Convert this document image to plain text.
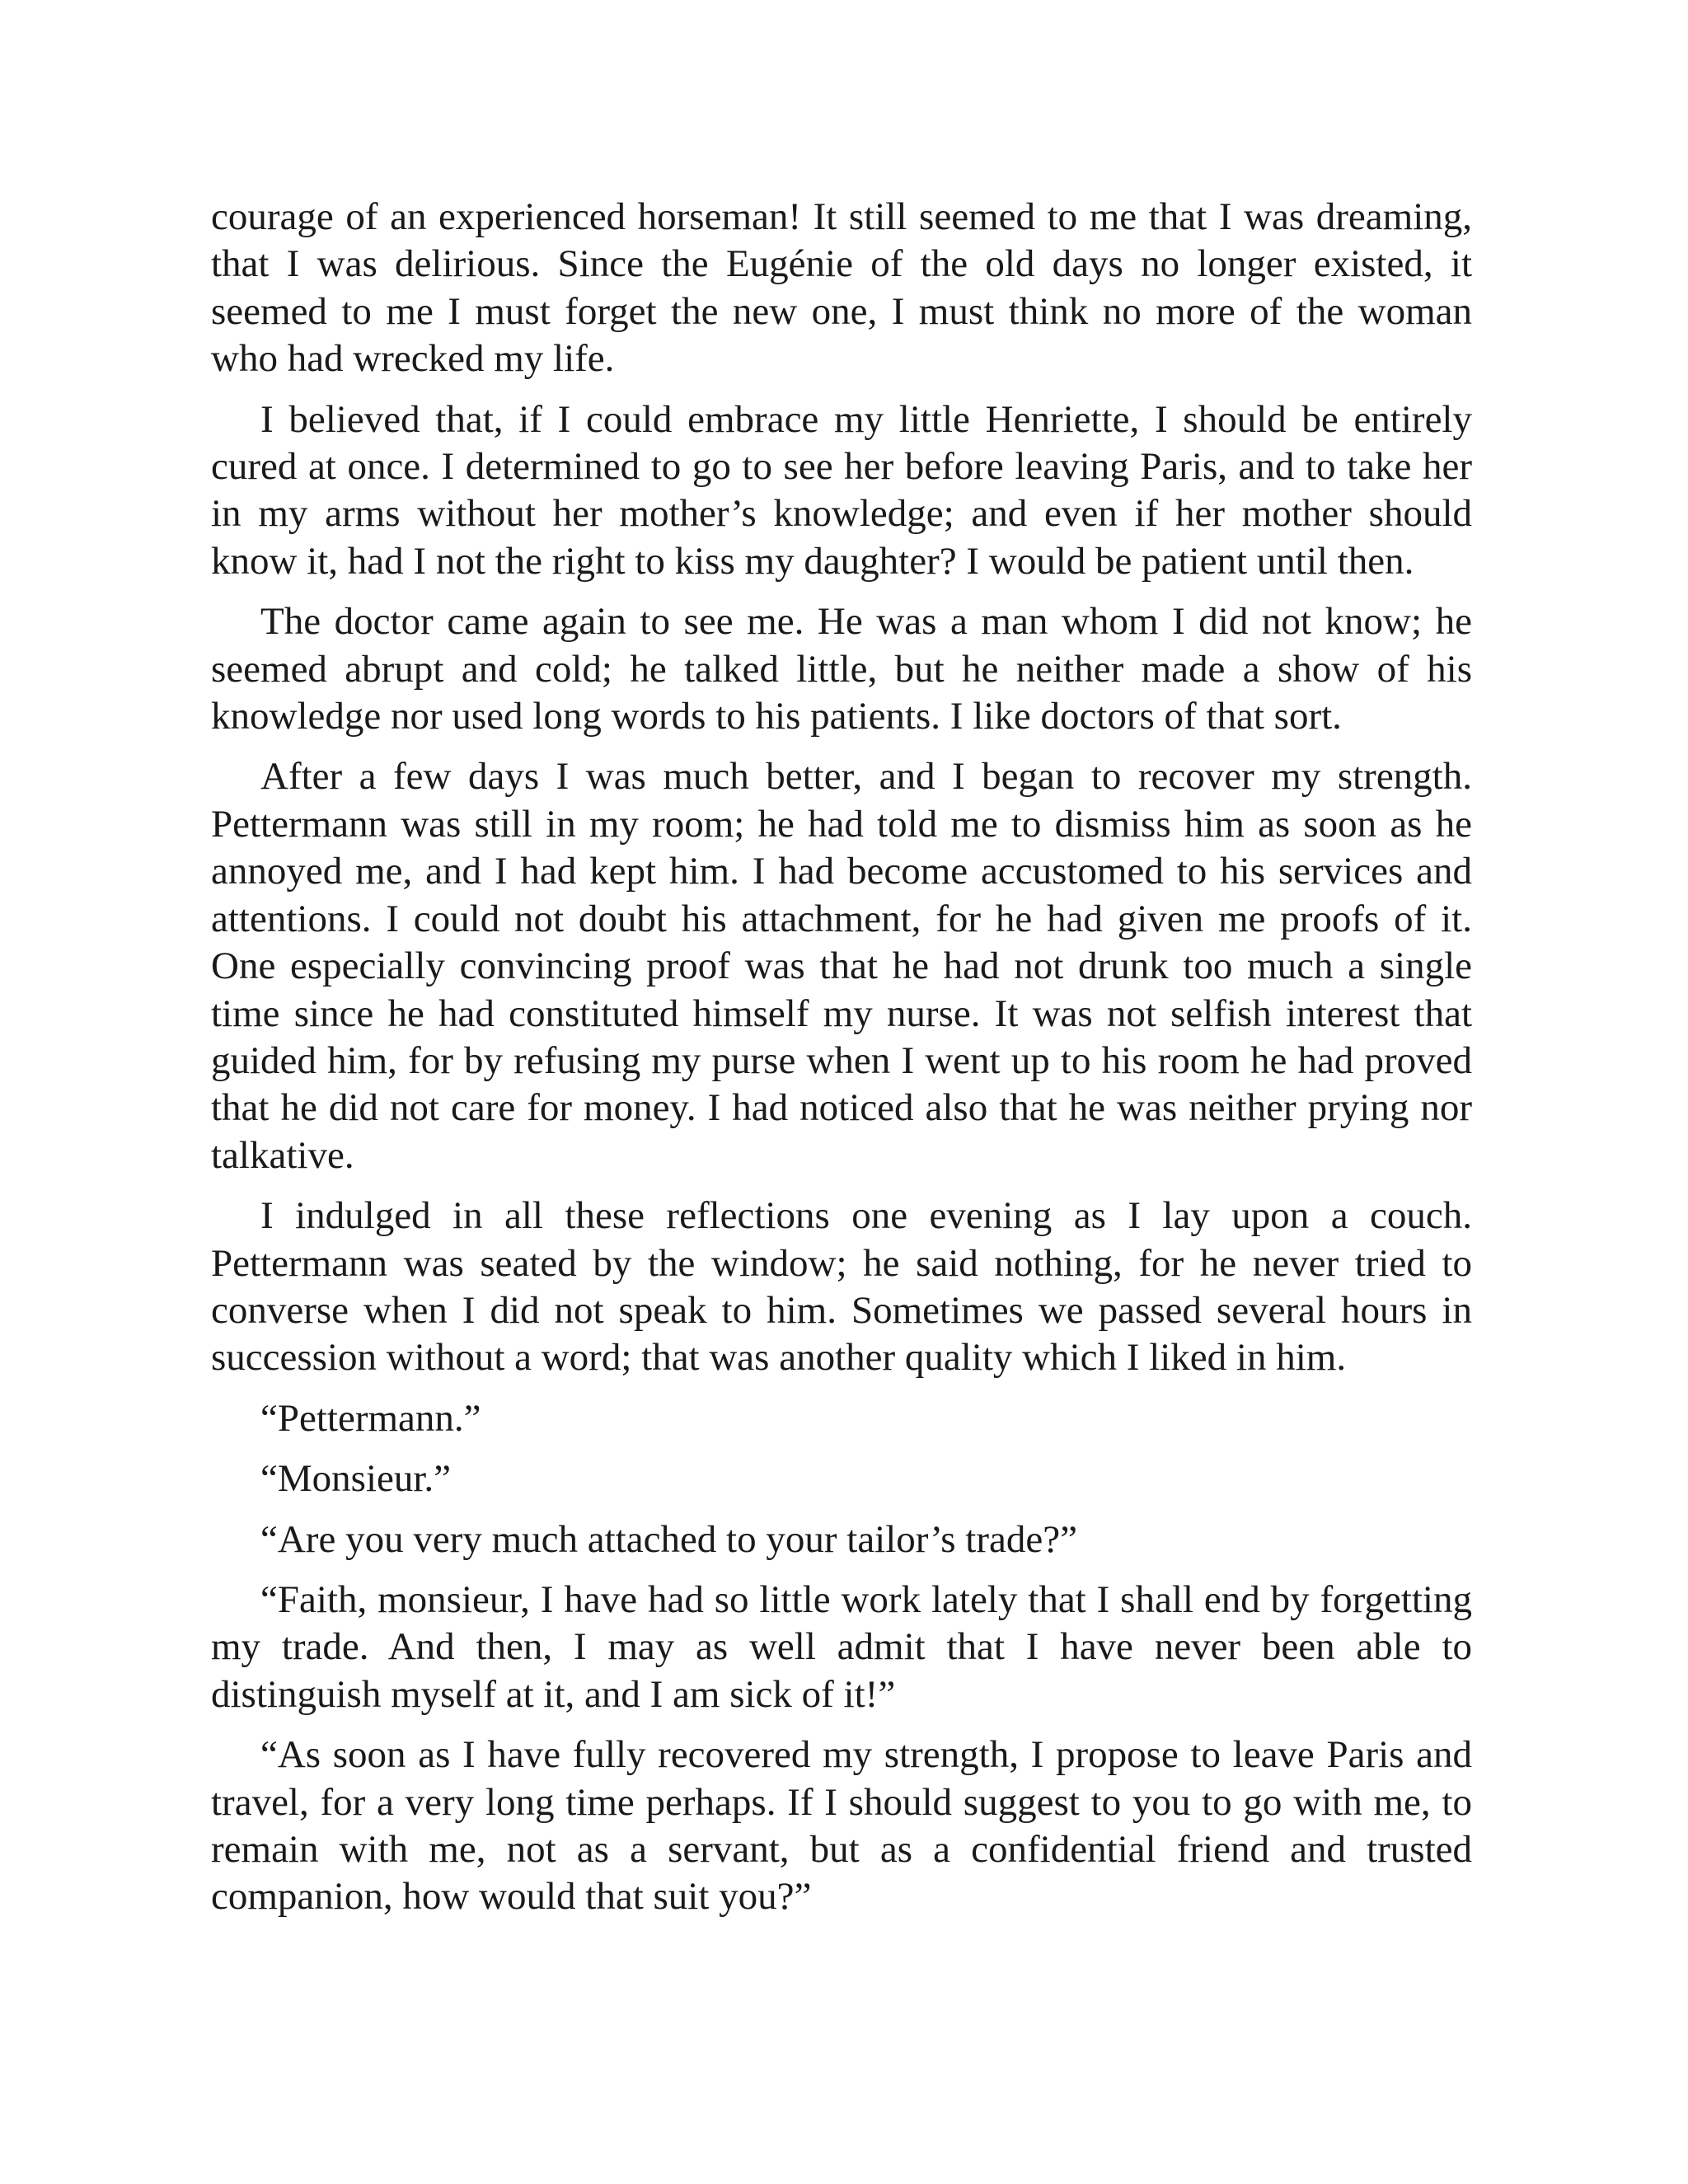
courage of an experienced horseman! It still seemed to me that I was dreaming, that I was delirious. Since the Eugénie of the old days no longer existed, it seemed to me I must forget the new one, I must think no more of the woman who had wrecked my life.

I believed that, if I could embrace my little Henriette, I should be entirely cured at once. I determined to go to see her before leaving Paris, and to take her in my arms without her mother’s knowledge; and even if her mother should know it, had I not the right to kiss my daughter? I would be patient until then.

The doctor came again to see me. He was a man whom I did not know; he seemed abrupt and cold; he talked little, but he neither made a show of his knowledge nor used long words to his patients. I like doctors of that sort.

After a few days I was much better, and I began to recover my strength. Pettermann was still in my room; he had told me to dismiss him as soon as he annoyed me, and I had kept him. I had become accustomed to his services and attentions. I could not doubt his attachment, for he had given me proofs of it. One especially convincing proof was that he had not drunk too much a single time since he had constituted himself my nurse. It was not selfish interest that guided him, for by refusing my purse when I went up to his room he had proved that he did not care for money. I had noticed also that he was neither prying nor talkative.

I indulged in all these reflections one evening as I lay upon a couch. Pettermann was seated by the window; he said nothing, for he never tried to converse when I did not speak to him. Sometimes we passed several hours in succession without a word; that was another quality which I liked in him.

“Pettermann.”

“Monsieur.”

“Are you very much attached to your tailor’s trade?”

“Faith, monsieur, I have had so little work lately that I shall end by forgetting my trade. And then, I may as well admit that I have never been able to distinguish myself at it, and I am sick of it!”

“As soon as I have fully recovered my strength, I propose to leave Paris and travel, for a very long time perhaps. If I should suggest to you to go with me, to remain with me, not as a servant, but as a confidential friend and trusted companion, how would that suit you?”
